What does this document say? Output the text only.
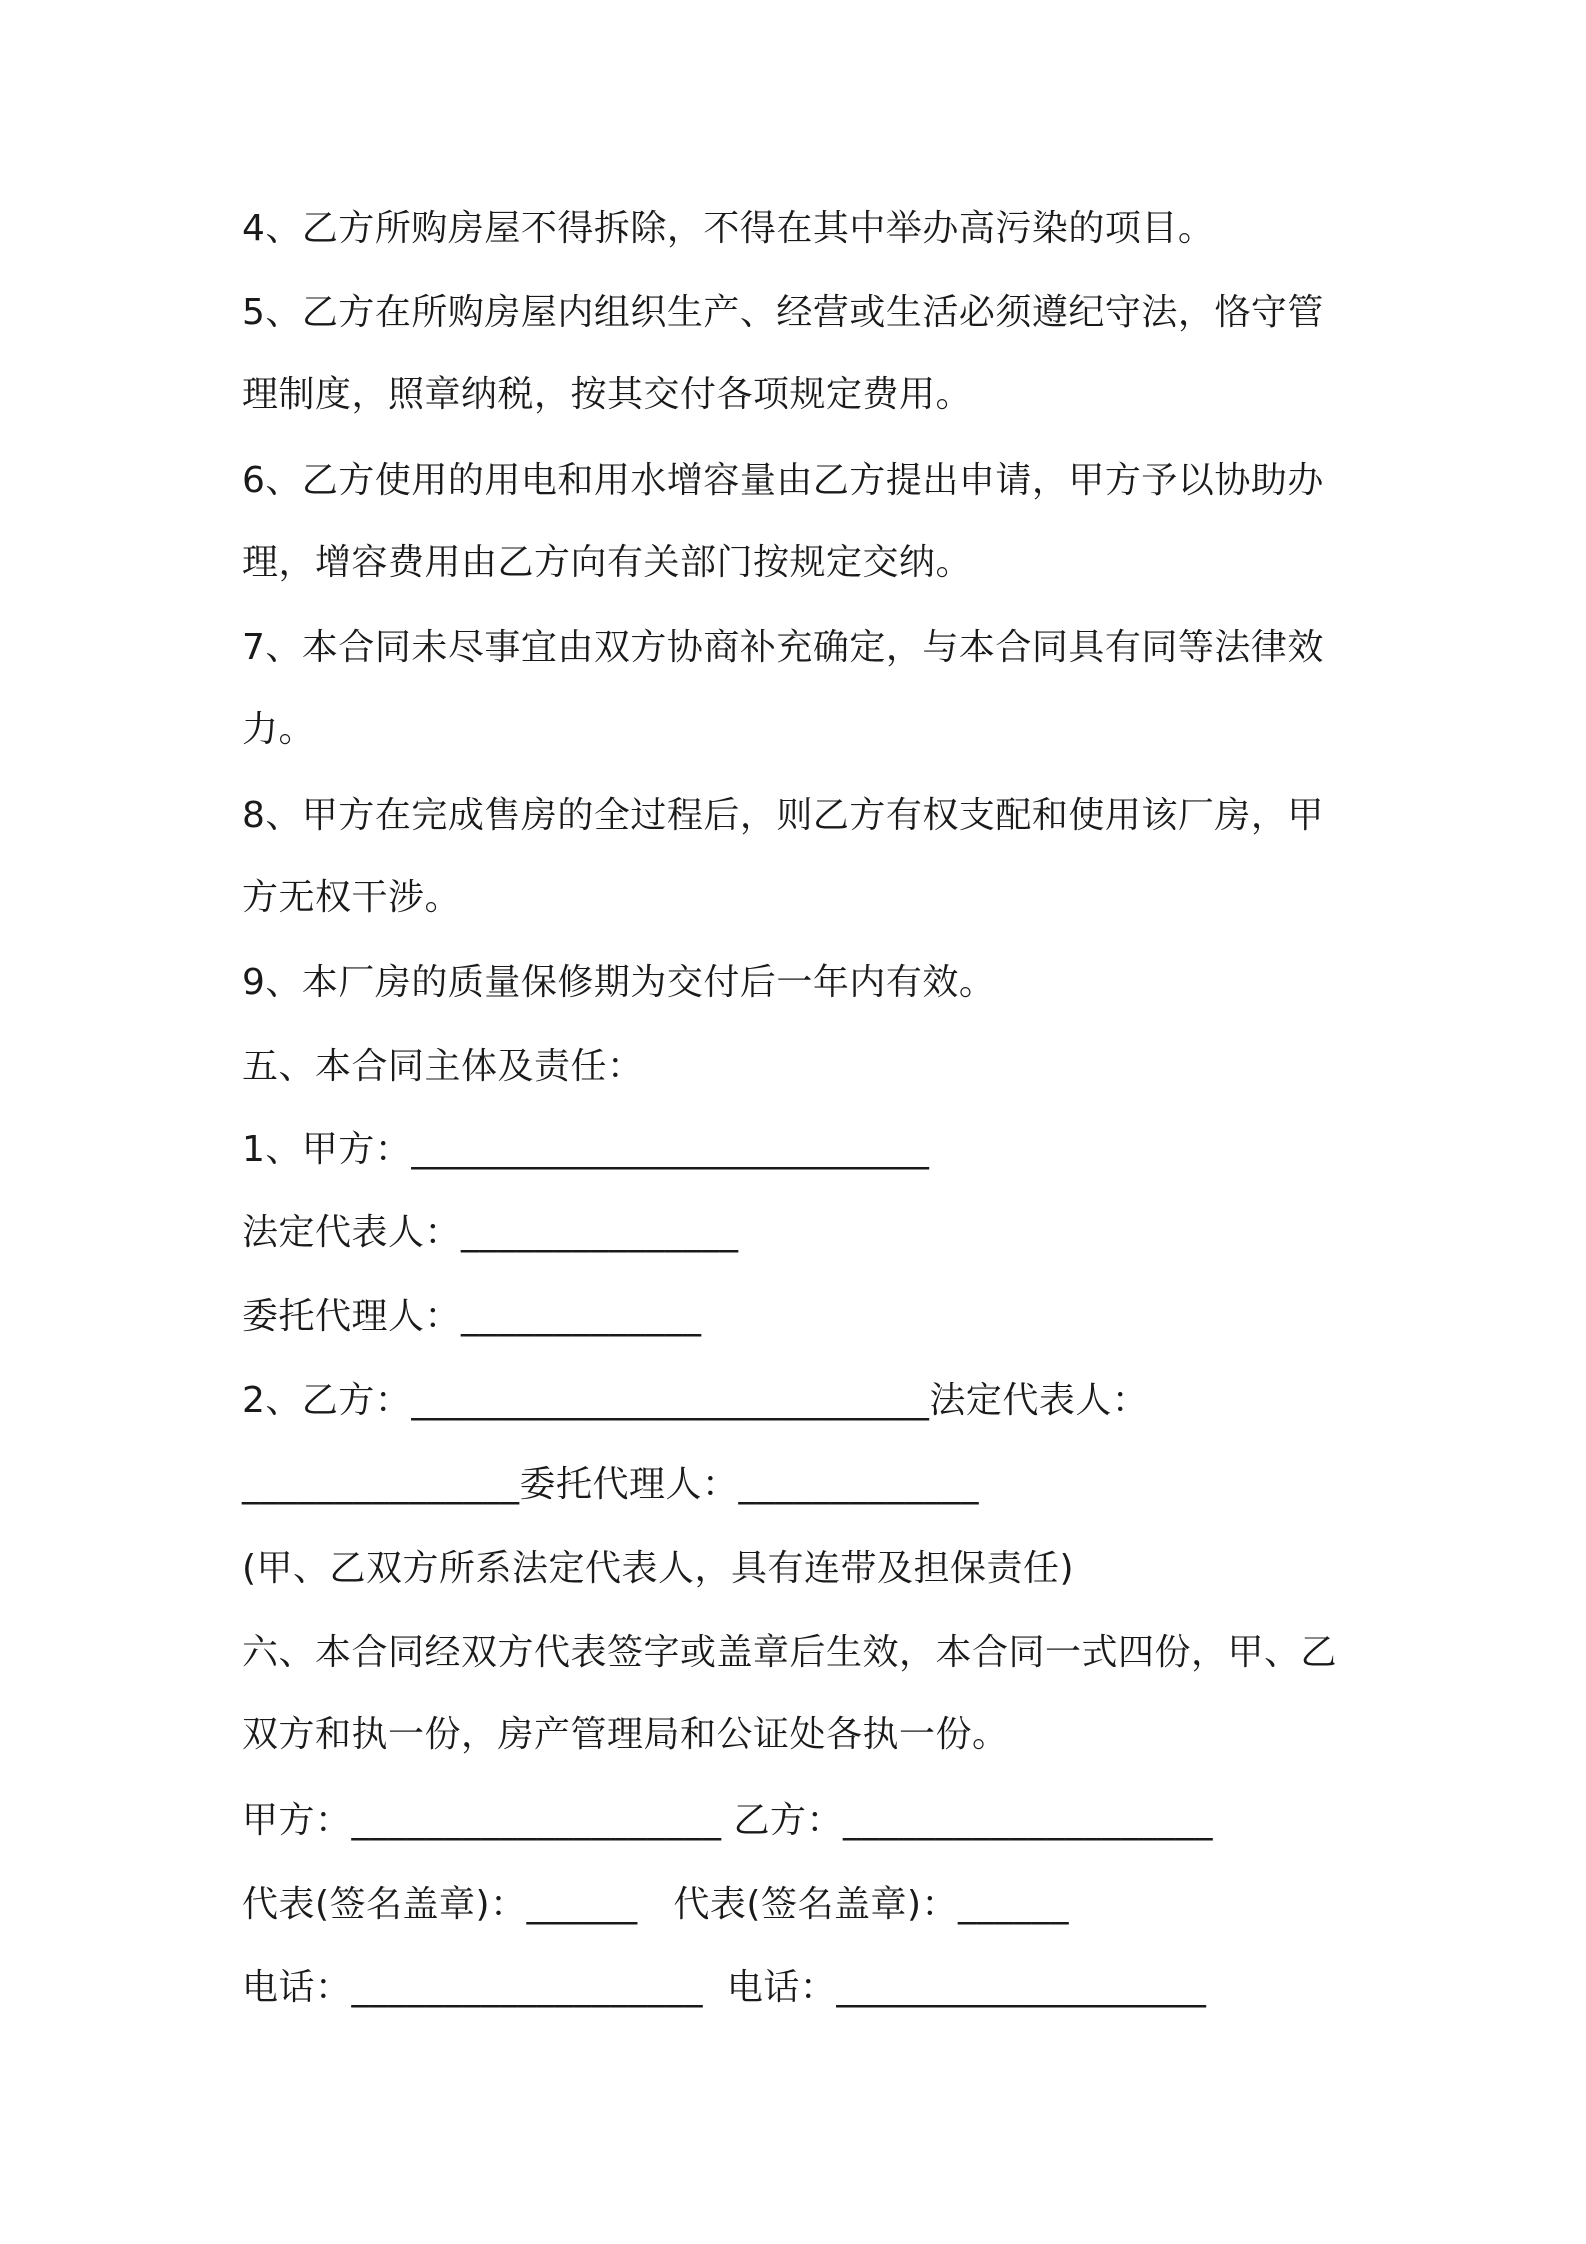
4、乙方所购房屋不得拆除，不得在其中举办高污染的项目。
5、乙方在所购房屋内组织生产、经营或生活必须遵纪守法，恪守管
理制度，照章纳税，按其交付各项规定费用。
6、乙方使用的用电和用水增容量由乙方提出申请，甲方予以协助办
理，增容费用由乙方向有关部门按规定交纳。
7、本合同未尽事宜由双方协商补充确定，与本合同具有同等法律效
力。
8、甲方在完成售房的全过程后，则乙方有权支配和使用该厂房，甲
方无权干涉。
9、本厂房的质量保修期为交付后一年内有效。
五、本合同主体及责任：
1、甲方：____________________________
法定代表人：_______________
委托代理人：_____________
2、乙方：____________________________法定代表人：
_______________委托代理人：_____________
(甲、乙双方所系法定代表人，具有连带及担保责任)
六、本合同经双方代表签字或盖章后生效，本合同一式四份，甲、乙
双方和执一份，房产管理局和公证处各执一份。
甲方：____________________ 乙方：____________________
代表(签名盖章)：______   代表(签名盖章)：______
电话：___________________  电话：____________________
